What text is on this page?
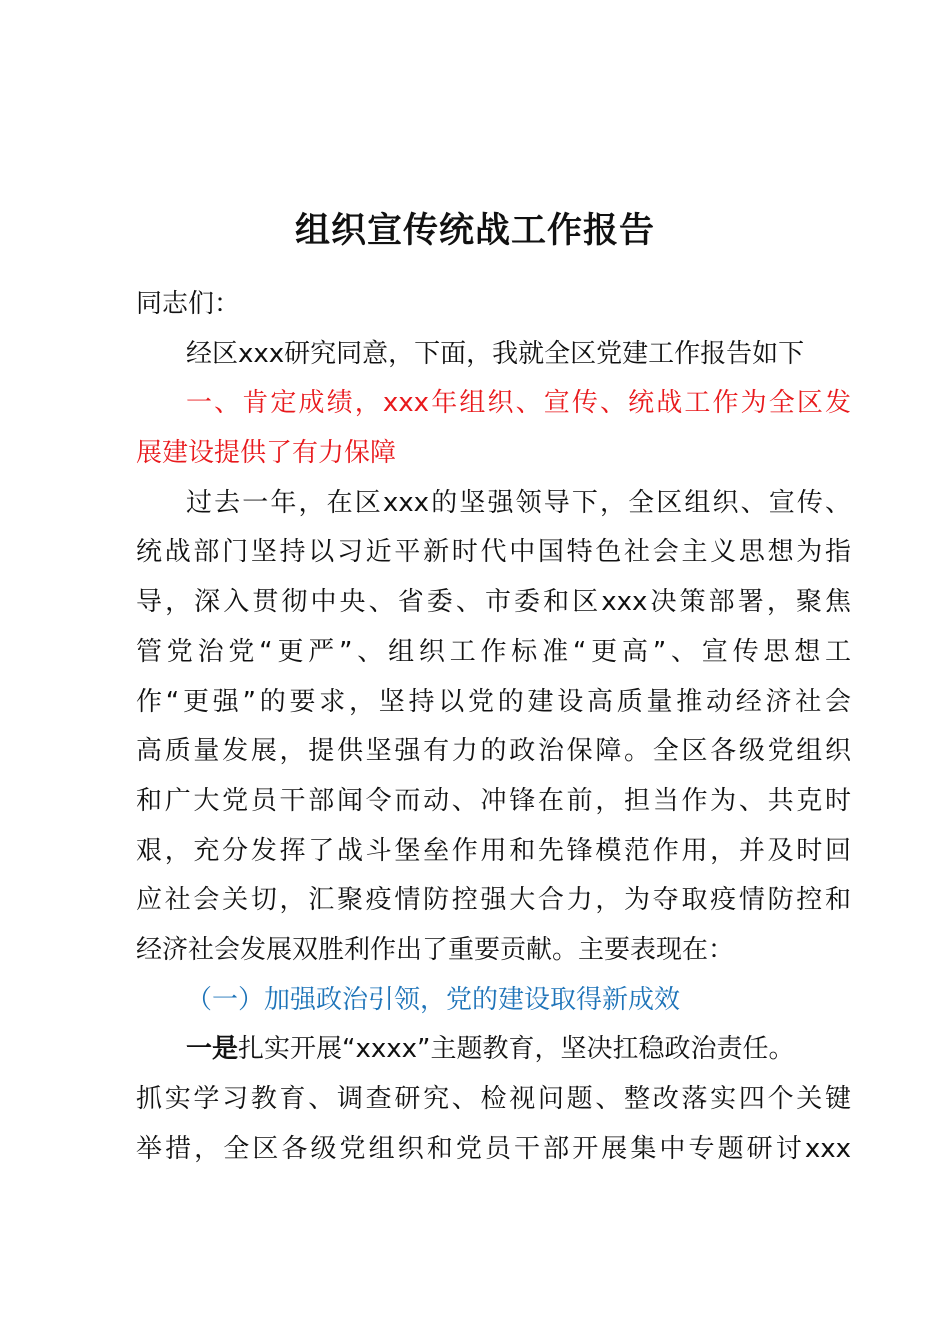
组织宣传统战工作报告
同志们：
经区xxx研究同意，下面，我就全区党建工作报告如下
一、肯定成绩，xxx年组织、宣传、统战工作为全区发
展建设提供了有力保障
过去一年，在区xxx的坚强领导下，全区组织、宣传、
统战部门坚持以习近平新时代中国特色社会主义思想为指
导，深入贯彻中央、省委、市委和区xxx决策部署，聚焦
管党治党“更严”、组织工作标准“更高”、宣传思想工
作“更强”的要求，坚持以党的建设高质量推动经济社会
高质量发展，提供坚强有力的政治保障。全区各级党组织
和广大党员干部闻令而动、冲锋在前，担当作为、共克时
艰，充分发挥了战斗堡垒作用和先锋模范作用，并及时回
应社会关切，汇聚疫情防控强大合力，为夺取疫情防控和
经济社会发展双胜利作出了重要贡献。主要表现在：
（一）加强政治引领，党的建设取得新成效
一是扎实开展“xxxx”主题教育，坚决扛稳政治责任。
抓实学习教育、调查研究、检视问题、整改落实四个关键
举措，全区各级党组织和党员干部开展集中专题研讨xxx
